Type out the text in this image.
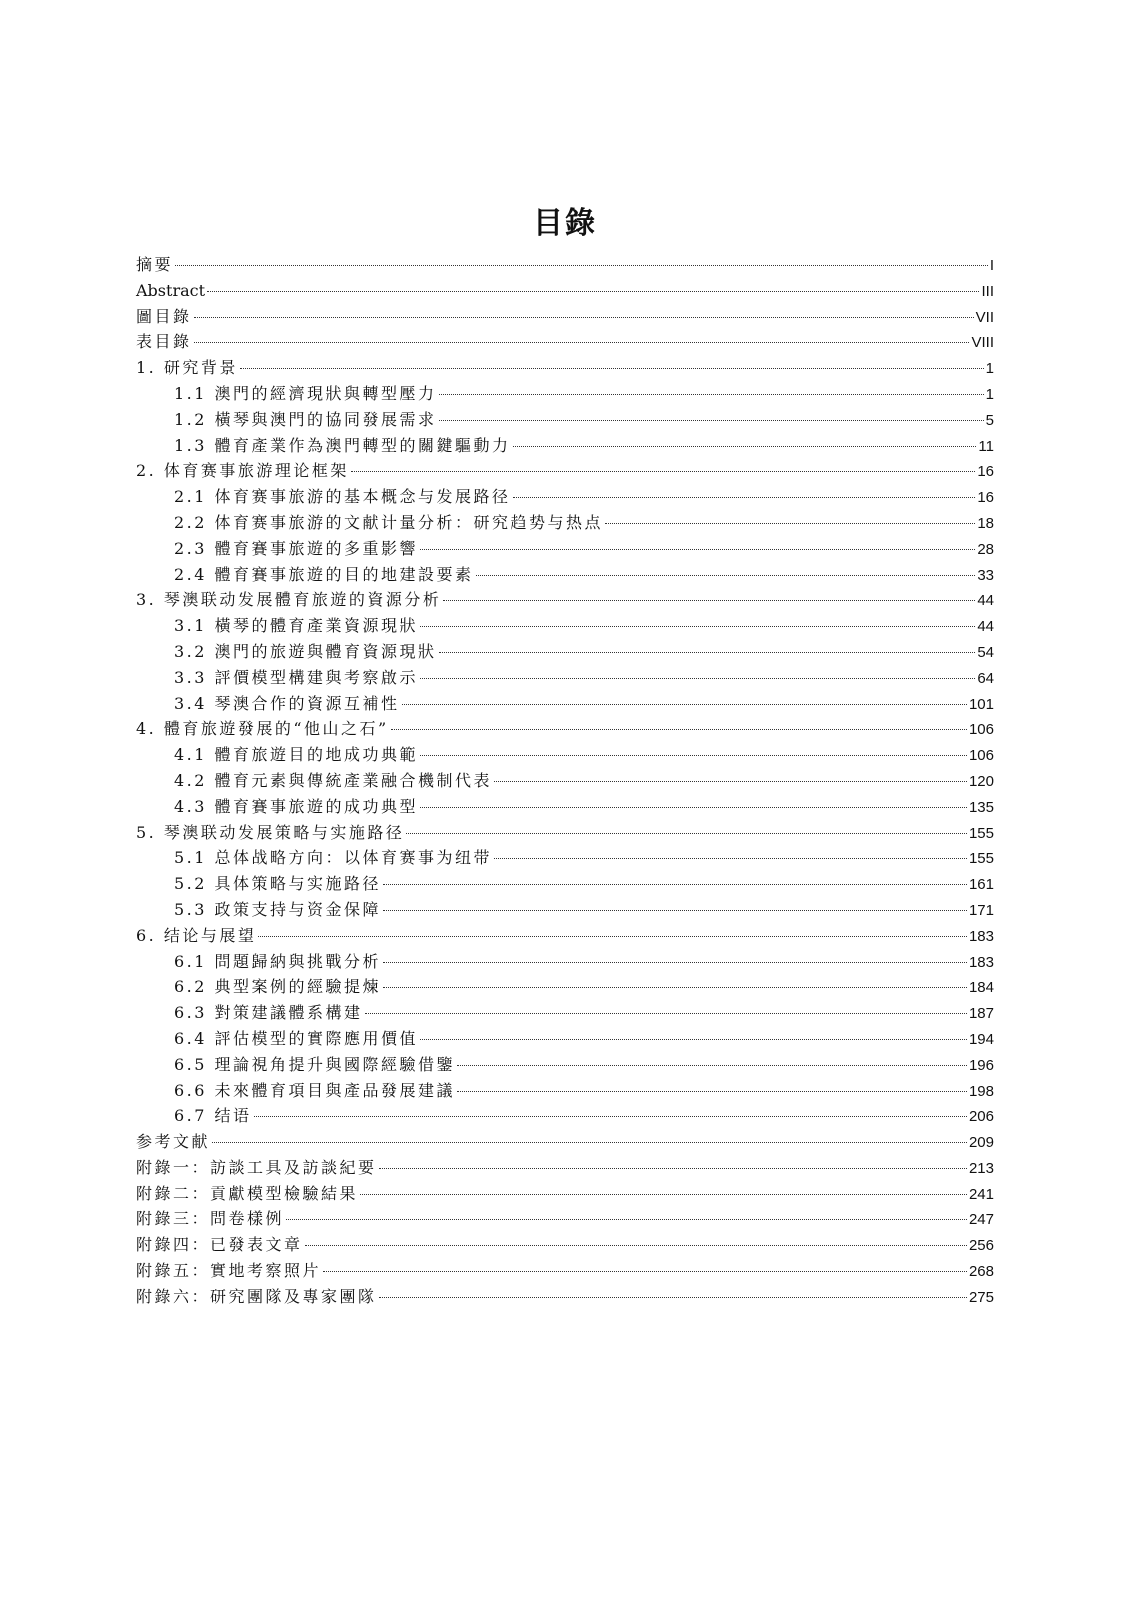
目錄
摘要	I
Abstract	III
圖目錄	VII
表目錄	VIII
1. 研究背景	1
1.1 澳門的經濟現狀與轉型壓力	1
1.2 橫琴與澳門的協同發展需求	5
1.3 體育產業作為澳門轉型的關鍵驅動力	11
2. 体育赛事旅游理论框架	16
2.1 体育赛事旅游的基本概念与发展路径	16
2.2 体育赛事旅游的文献计量分析：研究趋势与热点	18
2.3 體育賽事旅遊的多重影響	28
2.4 體育賽事旅遊的目的地建設要素	33
3. 琴澳联动发展體育旅遊的資源分析	44
3.1 橫琴的體育產業資源現狀	44
3.2 澳門的旅遊與體育資源現狀	54
3.3 評價模型構建與考察啟示	64
3.4 琴澳合作的資源互補性	101
4. 體育旅遊發展的“他山之石”	106
4.1 體育旅遊目的地成功典範	106
4.2 體育元素與傳統產業融合機制代表	120
4.3 體育賽事旅遊的成功典型	135
5. 琴澳联动发展策略与实施路径	155
5.1 总体战略方向：以体育赛事为纽带	155
5.2 具体策略与实施路径	161
5.3 政策支持与资金保障	171
6. 结论与展望	183
6.1 問題歸納與挑戰分析	183
6.2 典型案例的經驗提煉	184
6.3 對策建議體系構建	187
6.4 評估模型的實際應用價值	194
6.5 理論視角提升與國際經驗借鑒	196
6.6 未來體育項目與產品發展建議	198
6.7 结语	206
参考文献	209
附錄一：訪談工具及訪談紀要	213
附錄二：貢獻模型檢驗結果	241
附錄三：問卷樣例	247
附錄四：已發表文章	256
附錄五：實地考察照片	268
附錄六：研究團隊及專家團隊	275
